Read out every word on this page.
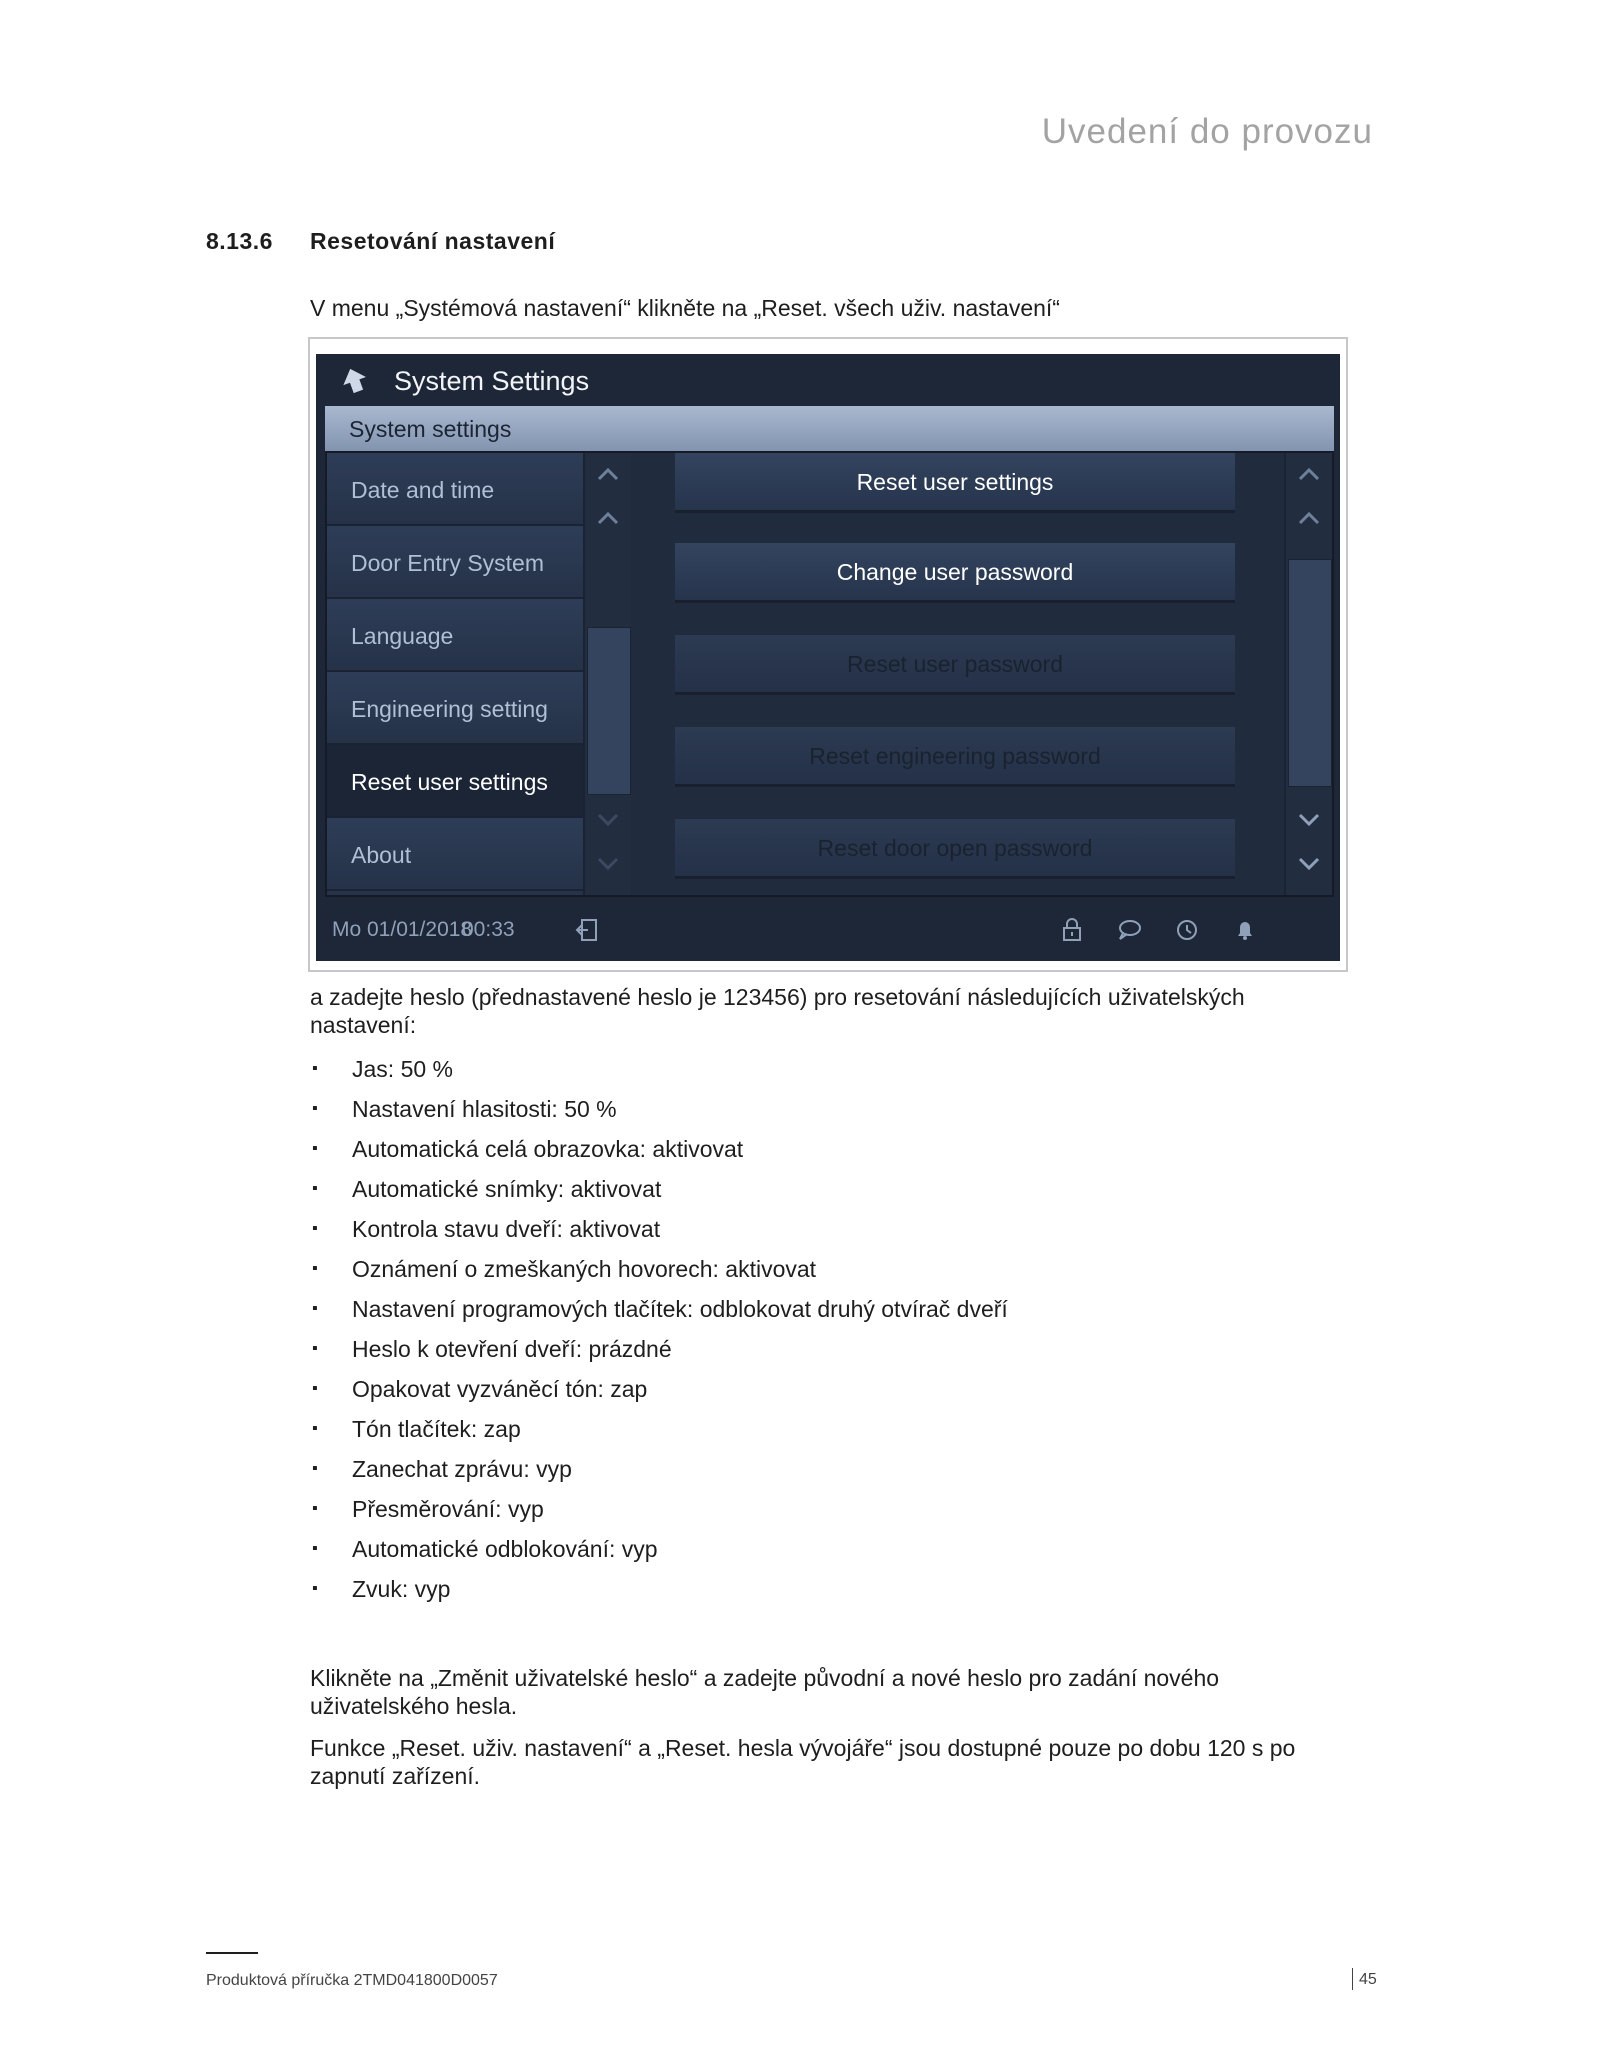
Uvedení do provozu
8.13.6	Resetování nastavení
V menu „Systémová nastavení“ klikněte na „Reset. všech uživ. nastavení“
System Settings
System settings
Date and time
Door Entry System
Language
Engineering setting
Reset user settings
About
Reset user settings
Change user password
Reset user password
Reset engineering password
Reset door open password
Mo 01/01/2018
00:33
a zadejte heslo (přednastavené heslo je 123456) pro resetování následujících uživatelských nastavení:
▪ Jas: 50 %
▪ Nastavení hlasitosti: 50 %
▪ Automatická celá obrazovka: aktivovat
▪ Automatické snímky: aktivovat
▪ Kontrola stavu dveří: aktivovat
▪ Oznámení o zmeškaných hovorech: aktivovat
▪ Nastavení programových tlačítek: odblokovat druhý otvírač dveří
▪ Heslo k otevření dveří: prázdné
▪ Opakovat vyzváněcí tón: zap
▪ Tón tlačítek: zap
▪ Zanechat zprávu: vyp
▪ Přesměrování: vyp
▪ Automatické odblokování: vyp
▪ Zvuk: vyp
Klikněte na „Změnit uživatelské heslo“ a zadejte původní a nové heslo pro zadání nového uživatelského hesla.
Funkce „Reset. uživ. nastavení“ a „Reset. hesla vývojáře“ jsou dostupné pouze po dobu 120 s po zapnutí zařízení.
Produktová příručka 2TMD041800D0057	45
